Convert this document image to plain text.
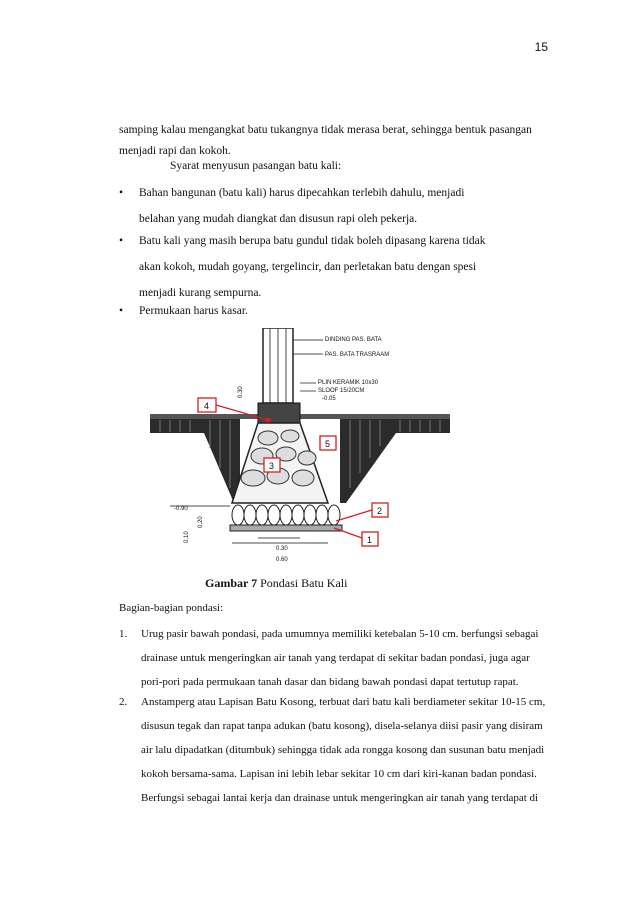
15
samping kalau mengangkat batu tukangnya tidak merasa berat, sehingga bentuk pasangan
menjadi rapi dan kokoh.
Syarat menyusun pasangan batu kali:
• Bahan bangunan (batu kali) harus dipecahkan terlebih dahulu, menjadi
belahan yang mudah diangkat dan disusun rapi oleh pekerja.
• Batu kali yang masih berupa batu gundul tidak boleh dipasang karena tidak
akan kokoh, mudah goyang, tergelincir, dan perletakan batu dengan spesi
menjadi kurang sempurna.
• Permukaan harus kasar.
DINDING PAS. BATA
PAS. BATA TRASRAAM
PLIN KERAMIK 10x30
SLOOF 15/20CM
-0.05
-0.90
0.30
0.60
0.30
0.10
0.20
4
3
5
2
1
Gambar 7 Pondasi Batu Kali
Bagian-bagian pondasi:
1. Urug pasir bawah pondasi, pada umumnya memiliki ketebalan 5-10 cm. berfungsi sebagai
drainase untuk mengeringkan air tanah yang terdapat di sekitar badan pondasi, juga agar
pori-pori pada permukaan tanah dasar dan bidang bawah pondasi dapat tertutup rapat.
2. Anstamperg atau Lapisan Batu Kosong, terbuat dari batu kali berdiameter sekitar 10-15 cm,
disusun tegak dan rapat tanpa adukan (batu kosong), disela-selanya diisi pasir yang disiram
air lalu dipadatkan (ditumbuk) sehingga tidak ada rongga kosong dan susunan batu menjadi
kokoh bersama-sama. Lapisan ini lebih lebar sekitar 10 cm dari kiri-kanan badan pondasi.
Berfungsi sebagai lantai kerja dan drainase untuk mengeringkan air tanah yang terdapat di
